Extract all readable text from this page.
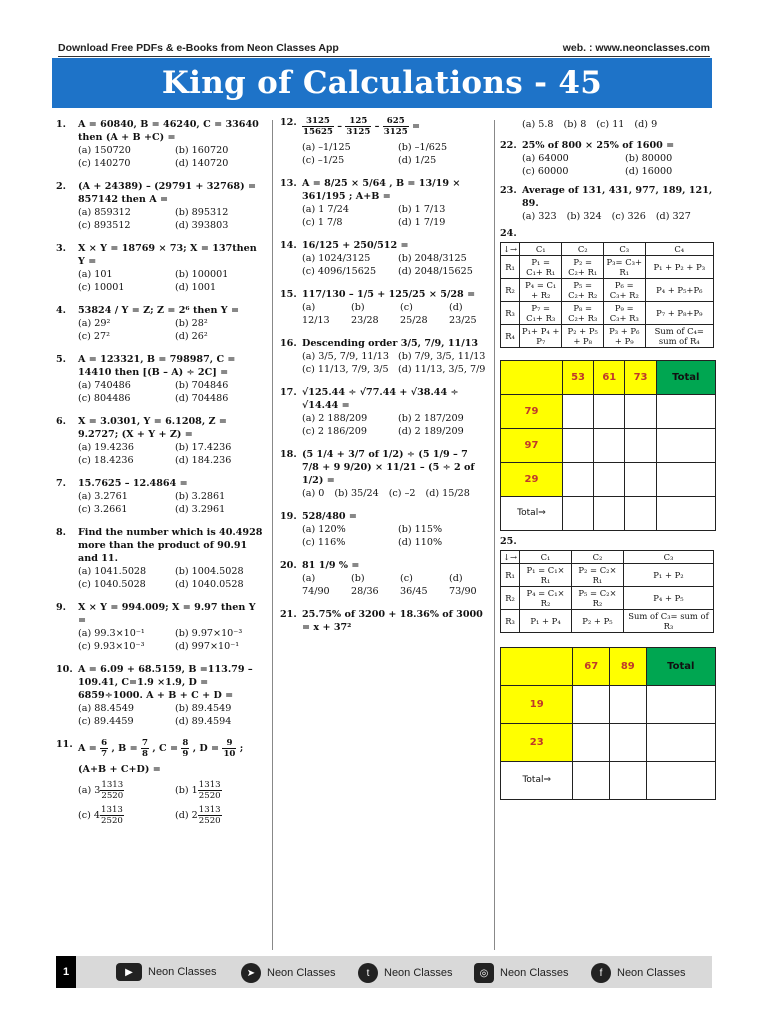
Download Free PDFs & e-Books from Neon Classes App	web. : www.neonclasses.com
King of Calculations - 45
1. A = 60840, B = 46240, C = 33640 then (A + B +C) =
(a) 150720	(b) 160720
(c) 140270	(d) 140720
2. (A + 24389) – (29791 + 32768) = 857142 then A =
(a) 859312	(b) 895312
(c) 893512	(d) 393803
3. X × Y = 18769 × 73; X = 137then Y =
(a) 101	(b) 100001
(c) 10001	(d) 1001
4. 53824 / Y = Z; Z = 2⁶ then Y =
(a) 29²	(b) 28²
(c) 27²	(d) 26²
5. A = 123321, B = 798987, C = 14410 then [(B – A) ÷ 2C] =
(a) 740486	(b) 704846
(c) 804486	(d) 704486
6. X = 3.0301, Y = 6.1208, Z = 9.2727; (X + Y + Z) =
(a) 19.4236	(b) 17.4236
(c) 18.4236	(d) 184.236
7. 15.7625 – 12.4864 =
(a) 3.2761	(b) 3.2861
(c) 3.2661	(d) 3.2961
8. Find the number which is 40.4928 more than the product of 90.91 and 11.
(a) 1041.5028	(b) 1004.5028
(c) 1040.5028	(d) 1040.0528
9. X × Y = 994.009; X = 9.97 then Y =
(a) 99.3×10⁻¹	(b) 9.97×10⁻³
(c) 9.93×10⁻³	(d) 997×10⁻¹
10. A = 6.09 + 68.5159, B =113.79 – 109.41, C=1.9 ×1.9, D = 6859÷1000. A + B + C + D =
(a) 88.4549	(b) 89.4549
(c) 89.4459	(d) 89.4594
11. $A = \frac{6}{7}$ , $B = \frac{7}{8}$ , $C = \frac{8}{9}$ , $D = \frac{9}{10}$ ;
(A+B + C+D) =
(a) $3 \frac{1313}{2520}$	(b) $1 \frac{1313}{2520}$
(c) $4 \frac{1313}{2520}$	(d) $2 \frac{1313}{2520}$
12. $\frac{3125}{15625} - \frac{125}{3125} - \frac{625}{3125}$ =
(a) –1/125	(b) –1/625
(c) –1/25	(d) 1/25
13. A = 8/25 × 5/64 , B = 13/19 × 361/195 ; A+B =
(a) 1 7/24	(b) 1 7/13
(c) 1 7/8	(d) 1 7/19
14. 16/125 + 250/512 =
(a) 1024/3125	(b) 2048/3125
(c) 4096/15625	(d) 2048/15625
15. 117/130 – 1/5 + 125/25 × 5/28 =
(a) 12/13
(b) 23/28
(c) 25/28
(d) 23/25
16. Descending order 3/5, 7/9, 11/13
(a) 3/5, 7/9, 11/13 (b) 7/9, 3/5, 11/13
(c) 11/13, 7/9, 3/5 (d) 11/13, 3/5, 7/9
17. √125.44 ÷ √77.44 + √38.44 ÷ √14.44 =
(a) 2 188/209	(b) 2 187/209
(c) 2 186/209	(d) 2 189/209
18. (5 1/4 + 3/7 of 1/2) ÷ (5 1/9 – 7 7/8 + 9 9/20) × 11/21 – (5 ÷ 2 of 1/2) =
(a) 0 (b) 35/24 (c) –2 (d) 15/28
19. 528/480 =
(a) 120%	(b) 115%
(c) 116%	(d) 110%
20. 81 1/9 % =
(a) 74/90
(b) 28/36
(c) 36/45
(d) 73/90
21. 25.75% of 3200 + 18.36% of 3000 = x + 37²
(a) 5.8 (b) 8 (c) 11 (d) 9
22. 25% of 800 × 25% of 1600 =
(a) 64000	(b) 80000
(c) 60000	(d) 16000
23. Average of 131, 431, 977, 189, 121, 89.
(a) 323 (b) 324 (c) 326 (d) 327
24.
↓→	C₁	C₂	C₃	C₄
R₁	P₁ = C₁+ R₁	P₂ = C₂+ R₁	P₃= C₃+ R₁	P₁ + P₂ + P₃
R₂	P₄ = C₁ + R₂	P₅ = C₂+ R₂	P₆ = C₃+ R₂	P₄ + P₅+P₆
R₃	P₇ = C₁+ R₃	P₈ = C₂+ R₃	P₉ = C₃+ R₃	P₇ + P₈+P₉
R₄	P₁+ P₄ + P₇	P₂ + P₅ + P₈	P₃ + P₆ + P₉	Sum of C₄= sum of R₄
	53	61	73	Total
79				
97				
29				
Total⇒				
25.
↓→	C₁	C₂	C₃
R₁	P₁ = C₁× R₁	P₂ = C₂× R₁	P₁ + P₂
R₂	P₄ = C₁× R₂	P₅ = C₂× R₂	P₄ + P₅
R₃	P₁ + P₄	P₂ + P₅	Sum of C₃= sum of R₃
	67	89	Total
19			
23			
Total⇒			
1	▶	Neon Classes	➤	Neon Classes	t	Neon Classes	◎	Neon Classes	f	Neon Classes
